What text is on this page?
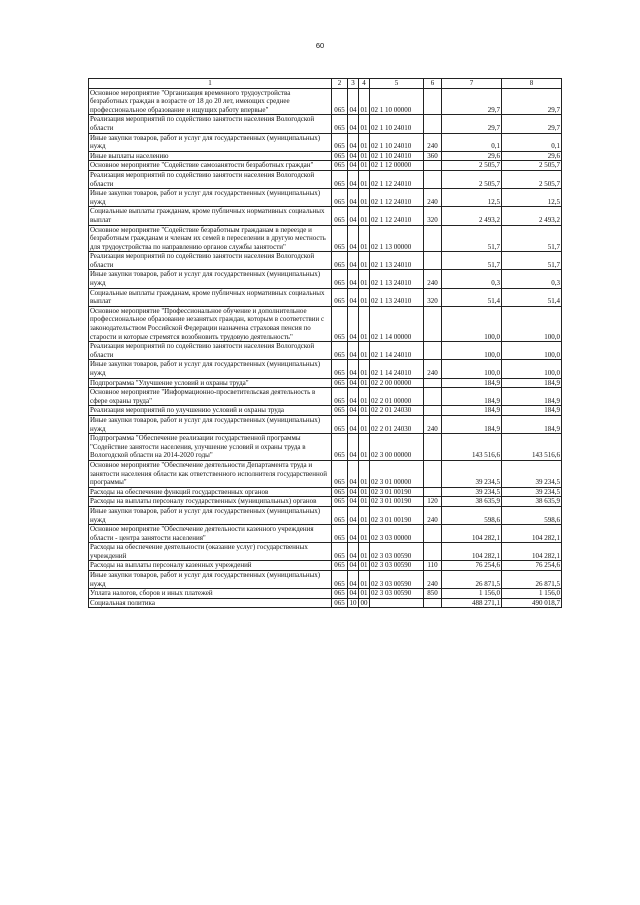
60
1	2	3	4	5	6	7	8
Основное мероприятие "Организация временного трудоустройства безработных граждан в возрасте от 18 до 20 лет, имеющих среднее профессиональное образование и ищущих работу впервые"	065	04	01	02 1 10 00000		29,7	29,7
Реализация мероприятий по содействию занятости населения Вологодской области	065	04	01	02 1 10 24010		29,7	29,7
Иные закупки товаров, работ и услуг для государственных (муниципальных) нужд	065	04	01	02 1 10 24010	240	0,1	0,1
Иные выплаты населению	065	04	01	02 1 10 24010	360	29,6	29,6
Основное мероприятие "Содействие самозанятости безработных граждан"	065	04	01	02 1 12 00000		2 505,7	2 505,7
Реализация мероприятий по содействию занятости населения Вологодской области	065	04	01	02 1 12 24010		2 505,7	2 505,7
Иные закупки товаров, работ и услуг для государственных (муниципальных) нужд	065	04	01	02 1 12 24010	240	12,5	12,5
Социальные выплаты гражданам, кроме публичных нормативных социальных выплат	065	04	01	02 1 12 24010	320	2 493,2	2 493,2
Основное мероприятие "Содействие безработным гражданам в переезде и безработным гражданам и членам их семей в переселении в другую местность для трудоустройства по направлению органов службы занятости"	065	04	01	02 1 13 00000		51,7	51,7
Реализация мероприятий по содействию занятости населения Вологодской области	065	04	01	02 1 13 24010		51,7	51,7
Иные закупки товаров, работ и услуг для государственных (муниципальных) нужд	065	04	01	02 1 13 24010	240	0,3	0,3
Социальные выплаты гражданам, кроме публичных нормативных социальных выплат	065	04	01	02 1 13 24010	320	51,4	51,4
Основное мероприятие "Профессиональное обучение и дополнительное профессиональное образование незанятых граждан, которым в соответствии с законодательством Российской Федерации назначена страховая пенсия по старости и которые стремятся возобновить трудовую деятельность"	065	04	01	02 1 14 00000		100,0	100,0
Реализация мероприятий по содействию занятости населения Вологодской области	065	04	01	02 1 14 24010		100,0	100,0
Иные закупки товаров, работ и услуг для государственных (муниципальных) нужд	065	04	01	02 1 14 24010	240	100,0	100,0
Подпрограмма "Улучшение условий и охраны труда"	065	04	01	02 2 00 00000		184,9	184,9
Основное мероприятие "Информационно-просветительская деятельность в сфере охраны труда"	065	04	01	02 2 01 00000		184,9	184,9
Реализация мероприятий по улучшению условий и охраны труда	065	04	01	02 2 01 24030		184,9	184,9
Иные закупки товаров, работ и услуг для государственных (муниципальных) нужд	065	04	01	02 2 01 24030	240	184,9	184,9
Подпрограмма "Обеспечение реализации государственной программы "Содействие занятости населения, улучшение условий и охраны труда в Вологодской области на 2014-2020 годы"	065	04	01	02 3 00 00000		143 516,6	143 516,6
Основное мероприятие "Обеспечение деятельности Департамента труда и занятости населения области как ответственного исполнителя государственной программы"	065	04	01	02 3 01 00000		39 234,5	39 234,5
Расходы на обеспечение функций государственных органов	065	04	01	02 3 01 00190		39 234,5	39 234,5
Расходы на выплаты персоналу государственных (муниципальных) органов	065	04	01	02 3 01 00190	120	38 635,9	38 635,9
Иные закупки товаров, работ и услуг для государственных (муниципальных) нужд	065	04	01	02 3 01 00190	240	598,6	598,6
Основное мероприятие "Обеспечение деятельности казенного учреждения области - центра занятости населения"	065	04	01	02 3 03 00000		104 282,1	104 282,1
Расходы на обеспечение деятельности (оказание услуг) государственных учреждений	065	04	01	02 3 03 00590		104 282,1	104 282,1
Расходы на выплаты персоналу казенных учреждений	065	04	01	02 3 03 00590	110	76 254,6	76 254,6
Иные закупки товаров, работ и услуг для государственных (муниципальных) нужд	065	04	01	02 3 03 00590	240	26 871,5	26 871,5
Уплата налогов, сборов и иных платежей	065	04	01	02 3 03 00590	850	1 156,0	1 156,0
Социальная политика	065	10	00			488 271,1	490 018,7
